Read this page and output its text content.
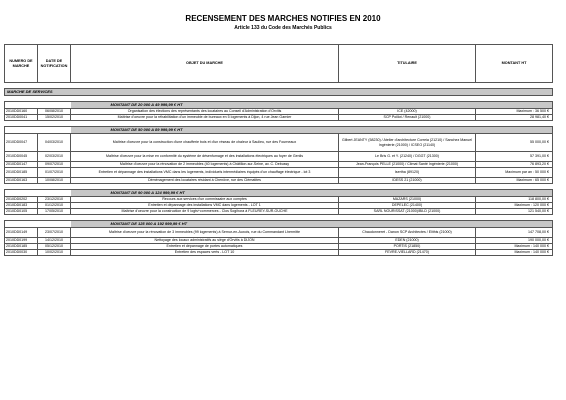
RECENSEMENT DES MARCHES NOTIFIES EN 2010
Article 133 du Code des Marchés Publics
NUMERO DE MARCHE	DATE DE NOTIFICATION	OBJET DU MARCHE	TITULAIRE	MONTANT HT

MARCHE DE SERVICES				

		MONTANT DE 20 000 A 49 999,99 € HT		
2010DD0160	06/08/2010	Organisation des élections des représentants des locataires au Conseil d'Administration d'Orvitis	ICE (42000)	Maximum : 36 500 €
2010DD0041	15/02/2010	Maîtrise d'oeuvre pour la réhabilitation d'un immeuble de bureaux en 5 logements à Dijon, 4 rue Jean Garnier	SCP Poillot / Renault (21000)	28 981,40 €

		MONTANT DE 50 000 A 89 999,99 € HT		
2010DD0047	04/03/2010	Maîtrise d'oeuvre pour la construction d'une chaufferie bois et d'un réseau de chaleur à Saulieu, rue des Fourneaux	Gilbert JEANTY (58230) / Atelier d'architecture Correia (21210) / Sanchez Manuel Ingénierie (21000) / ICSEO (21140)	55 000,00 €
2010DD0045	02/03/2010	Maîtrise d'oeuvre pour la mise en conformité du système de désenfumage et des installations électriques au foyer de Genlis	Le Bris G. et Y. (21240) / DGGT (21300)	57 391,00 €
2010DD0147	09/07/2010	Maîtrise d'oeuvre pour la rénovation de 2 immeubles (40 logements) à Châtillon-sur-Seine, av. C. Debussy	Jean-François PELLE (21000) / Climat Santé Ingénierie (21000)	76 893,20 €
2010DD0185	01/07/2010	Entretien et dépannage des installations VMC dans les logements, individuels intermédiaires équipés d'un chauffage électrique - lot 3	Isertha (89120)	Maximum par an : 50 000 €
2010DD0163	10/08/2010	Déménagement des locataires résidant à Chenôve, rue des Clématites	IDESS 21 (21000)	Maximum : 65 000 €

		MONTANT DE 90 000 A 124 999,99 € HT		
2010DD0202	23/12/2010	Recours aux services d'un commissaire aux comptes	MAZARS (21000)	118 800,00 €
2010DD0183	01/12/2010	Entretien et dépannage des installations VMC dans logements - LOT 1	DEPELEC (21400)	Maximum : 120 000 €
2010DD0105	17/05/2010	Maîtrise d'oeuvre pour la construction de 9 logts+commerces - Clos Sogihora à FLEUREY-SUR-OUCHE	SARL NOURISSAT (21000)/BILD (21000)	121 540,00 €

		MONTANT DE 125 000 A 192 999,99 € HT		
2010DD0149	23/07/2010	Maîtrise d'oeuvre pour la rénovation de 3 immeubles (99 logements) à Semur-en-Auxois, rue du Commandant Lhermitte	Chaudonneret - Danon SCP Architectes / Elithis (21000)	147 708,00 €
2010DD0199	14/12/2010	Nettoyage des locaux administratifs au siège d'Orvitis à DIJON	EDEN (21000)	190 000,00 €
2010DD0185	05/12/2010	Entretien et dépannage de portes automatiques	PORTIS (21850)	Maximum : 140 000 €
2010DD0030	10/02/2010	Entretien des espaces verts - LOT 10	FEVRE-VIELLARD (21470)	Maximum : 140 000 €
